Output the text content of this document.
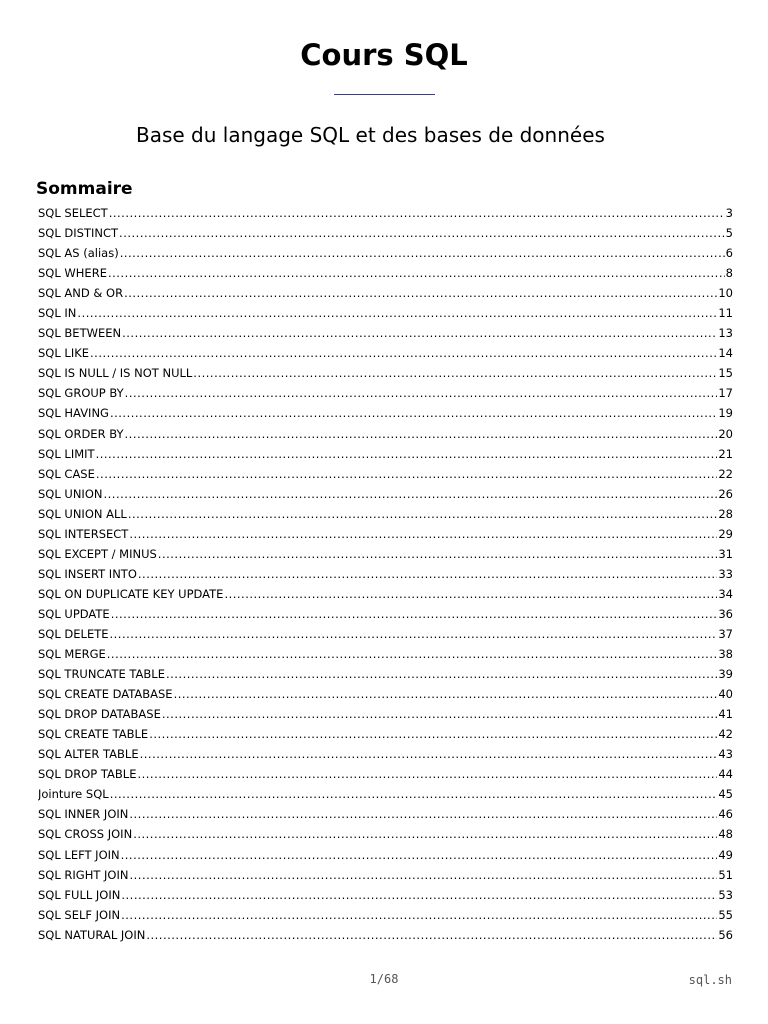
Cours SQL
Base du langage SQL et des bases de données
Sommaire
SQL SELECT .....	3
SQL DISTINCT .....	5
SQL AS (alias) .....	6
SQL WHERE .....	8
SQL AND & OR .....	10
SQL IN .....	11
SQL BETWEEN .....	13
SQL LIKE .....	14
SQL IS NULL / IS NOT NULL .....	15
SQL GROUP BY .....	17
SQL HAVING .....	19
SQL ORDER BY .....	20
SQL LIMIT .....	21
SQL CASE .....	22
SQL UNION .....	26
SQL UNION ALL .....	28
SQL INTERSECT .....	29
SQL EXCEPT / MINUS .....	31
SQL INSERT INTO .....	33
SQL ON DUPLICATE KEY UPDATE .....	34
SQL UPDATE .....	36
SQL DELETE .....	37
SQL MERGE .....	38
SQL TRUNCATE TABLE .....	39
SQL CREATE DATABASE .....	40
SQL DROP DATABASE .....	41
SQL CREATE TABLE .....	42
SQL ALTER TABLE .....	43
SQL DROP TABLE .....	44
Jointure SQL .....	45
SQL INNER JOIN .....	46
SQL CROSS JOIN .....	48
SQL LEFT JOIN .....	49
SQL RIGHT JOIN .....	51
SQL FULL JOIN .....	53
SQL SELF JOIN .....	55
SQL NATURAL JOIN .....	56
1/68	sql.sh
